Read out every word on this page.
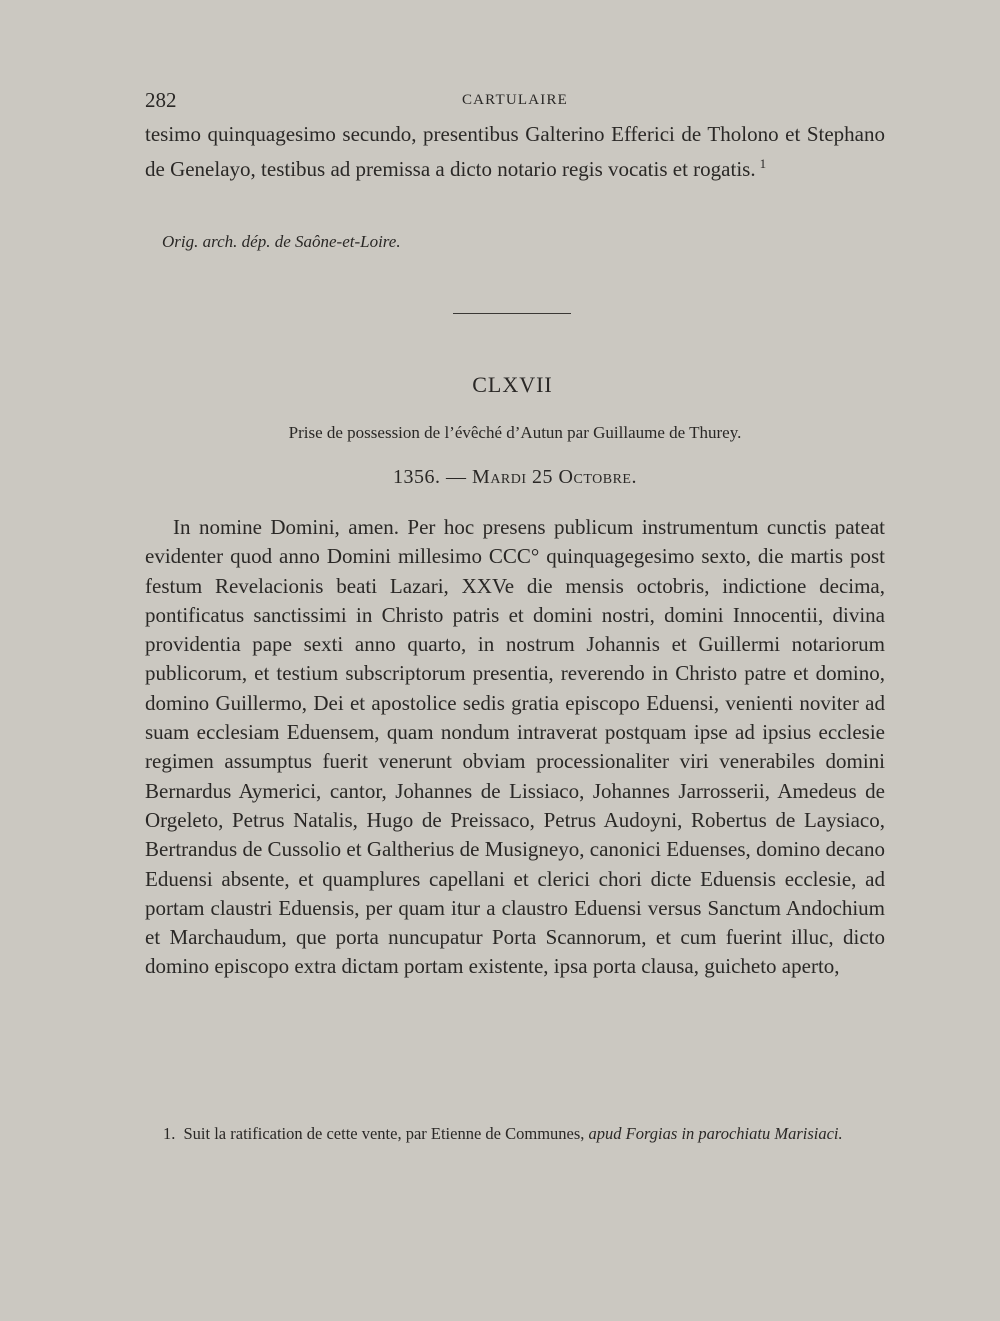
282	CARTULAIRE
tesimo quinquagesimo secundo, presentibus Galterino Efferici de Tholono et Stephano de Genelayo, testibus ad premissa a dicto notario regis vocatis et rogatis. $^1$
Orig. arch. dép. de Saône-et-Loire.
CLXVII
Prise de possession de l’évêché d’Autun par Guillaume de Thurey.
1356. — Mardi 25 Octobre.
In nomine Domini, amen. Per hoc presens publicum instrumentum cunctis pateat evidenter quod anno Domini millesimo CCC° quinquagegesimo sexto, die martis post festum Revelacionis beati Lazari, XXVe die mensis octobris, indictione decima, pontificatus sanctissimi in Christo patris et domini nostri, domini Innocentii, divina providentia pape sexti anno quarto, in nostrum Johannis et Guillermi notariorum publicorum, et testium subscriptorum presentia, reverendo in Christo patre et domino, domino Guillermo, Dei et apostolice sedis gratia episcopo Eduensi, venienti noviter ad suam ecclesiam Eduensem, quam nondum intraverat postquam ipse ad ipsius ecclesie regimen assumptus fuerit venerunt obviam processionaliter viri venerabiles domini Bernardus Aymerici, cantor, Johannes de Lissiaco, Johannes Jarrosserii, Amedeus de Orgeleto, Petrus Natalis, Hugo de Preissaco, Petrus Audoyni, Robertus de Laysiaco, Bertrandus de Cussolio et Galtherius de Musigneyo, canonici Eduenses, domino decano Eduensi absente, et quamplures capellani et clerici chori dicte Eduensis ecclesie, ad portam claustri Eduensis, per quam itur a claustro Eduensi versus Sanctum Andochium et Marchaudum, que porta nuncupatur Porta Scannorum, et cum fuerint illuc, dicto domino episcopo extra dictam portam existente, ipsa porta clausa, guicheto aperto,
1. Suit la ratification de cette vente, par Etienne de Communes, apud Forgias in parochiatu Marisiaci.
